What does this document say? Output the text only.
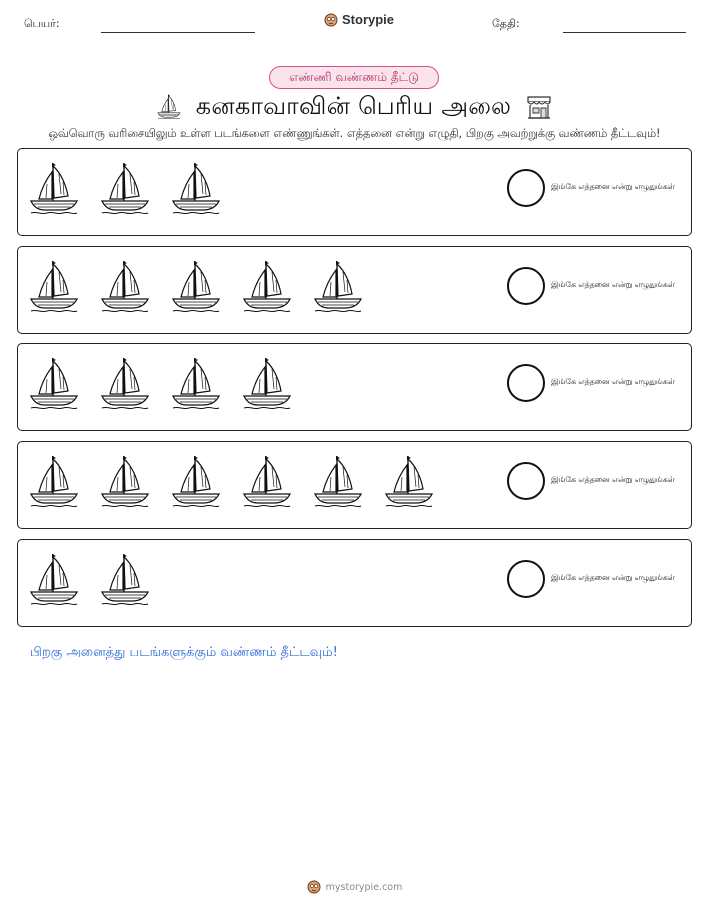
பெயர்:	Storypie	தேதி:
எண்ணி வண்ணம் தீட்டு
கனகாவாவின் பெரிய அலை
ஒவ்வொரு வரிசையிலும் உள்ள படங்களை எண்ணுங்கள். எத்தனை என்று எழுதி, பிறகு அவற்றுக்கு வண்ணம் தீட்டவும்!
இங்கே எத்தனை என்று எழுதுங்கள்
இங்கே எத்தனை என்று எழுதுங்கள்
இங்கே எத்தனை என்று எழுதுங்கள்
இங்கே எத்தனை என்று எழுதுங்கள்
இங்கே எத்தனை என்று எழுதுங்கள்
பிறகு அனைத்து படங்களுக்கும் வண்ணம் தீட்டவும்!
mystorypie.com
